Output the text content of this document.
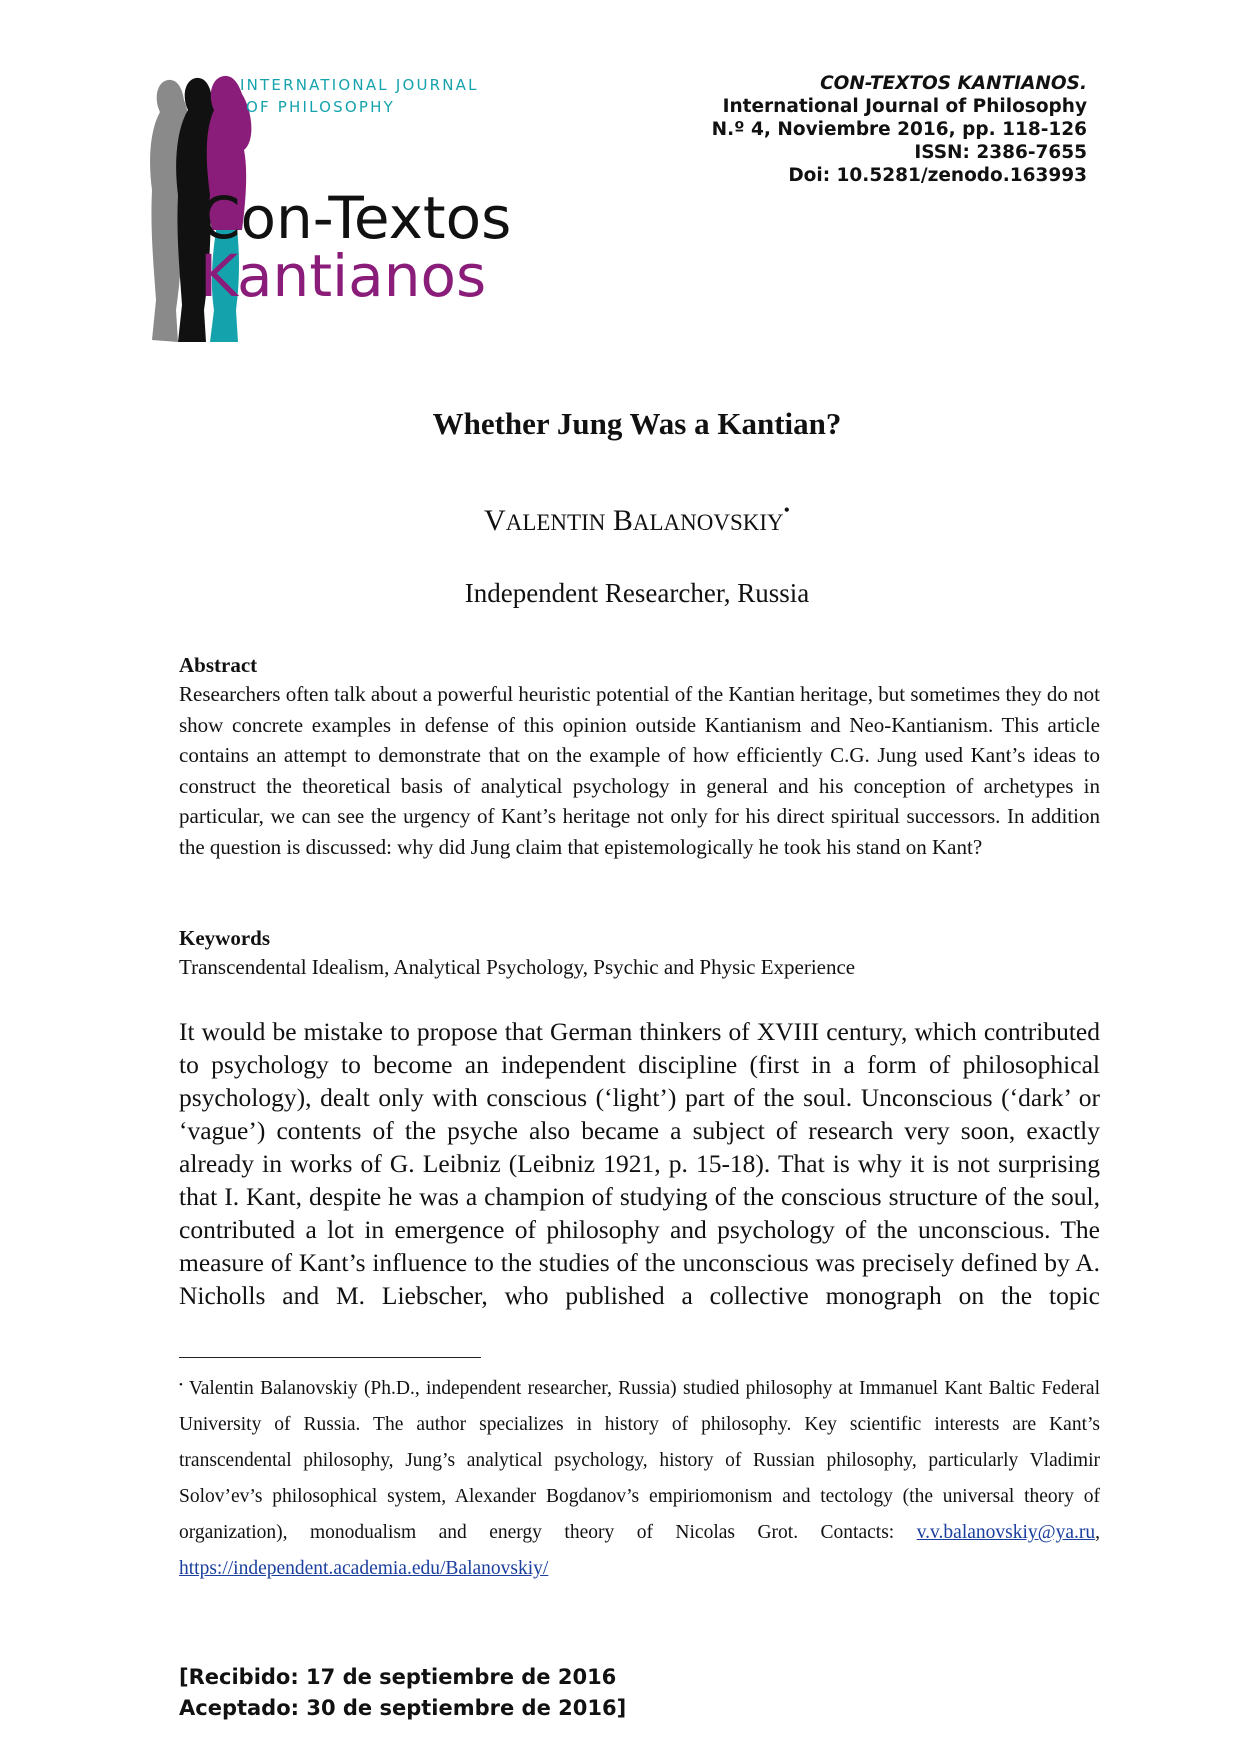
INTERNATIONAL JOURNAL
OF PHILOSOPHY
Con-Textos
Kantianos
CON-TEXTOS KANTIANOS.
International Journal of Philosophy
N.º 4, Noviembre 2016, pp. 118-126
ISSN: 2386-7655
Doi: 10.5281/zenodo.163993
Whether Jung Was a Kantian?
VALENTIN BALANOVSKIY•
Independent Researcher, Russia
Abstract

Researchers often talk about a powerful heuristic potential of the Kantian heritage, but sometimes they do not show concrete examples in defense of this opinion outside Kantianism and Neo-Kantianism. This article contains an attempt to demonstrate that on the example of how efficiently C.G. Jung used Kant’s ideas to construct the theoretical basis of analytical psychology in general and his conception of archetypes in particular, we can see the urgency of Kant’s heritage not only for his direct spiritual successors. In addition the question is discussed: why did Jung claim that epistemologically he took his stand on Kant?

Keywords

Transcendental Idealism, Analytical Psychology, Psychic and Physic Experience

It would be mistake to propose that German thinkers of XVIII century, which contributed to psychology to become an independent discipline (first in a form of philosophical psychology), dealt only with conscious (‘light’) part of the soul. Unconscious (‘dark’ or ‘vague’) contents of the psyche also became a subject of research very soon, exactly already in works of G. Leibniz (Leibniz 1921, p. 15-18). That is why it is not surprising that I. Kant, despite he was a champion of studying of the conscious structure of the soul, contributed a lot in emergence of philosophy and psychology of the unconscious. The measure of Kant’s influence to the studies of the unconscious was precisely defined by A. Nicholls and M. Liebscher, who published a collective monograph on the topic

• Valentin Balanovskiy (Ph.D., independent researcher, Russia) studied philosophy at Immanuel Kant Baltic Federal University of Russia. The author specializes in history of philosophy. Key scientific interests are Kant’s transcendental philosophy, Jung’s analytical psychology, history of Russian philosophy, particularly Vladimir Solov’ev’s philosophical system, Alexander Bogdanov’s empiriomonism and tectology (the universal theory of organization), monodualism and energy theory of Nicolas Grot. Contacts: v.v.balanovskiy@ya.ru, https://independent.academia.edu/Balanovskiy/

[Recibido: 17 de septiembre de 2016
Aceptado: 30 de septiembre de 2016]
